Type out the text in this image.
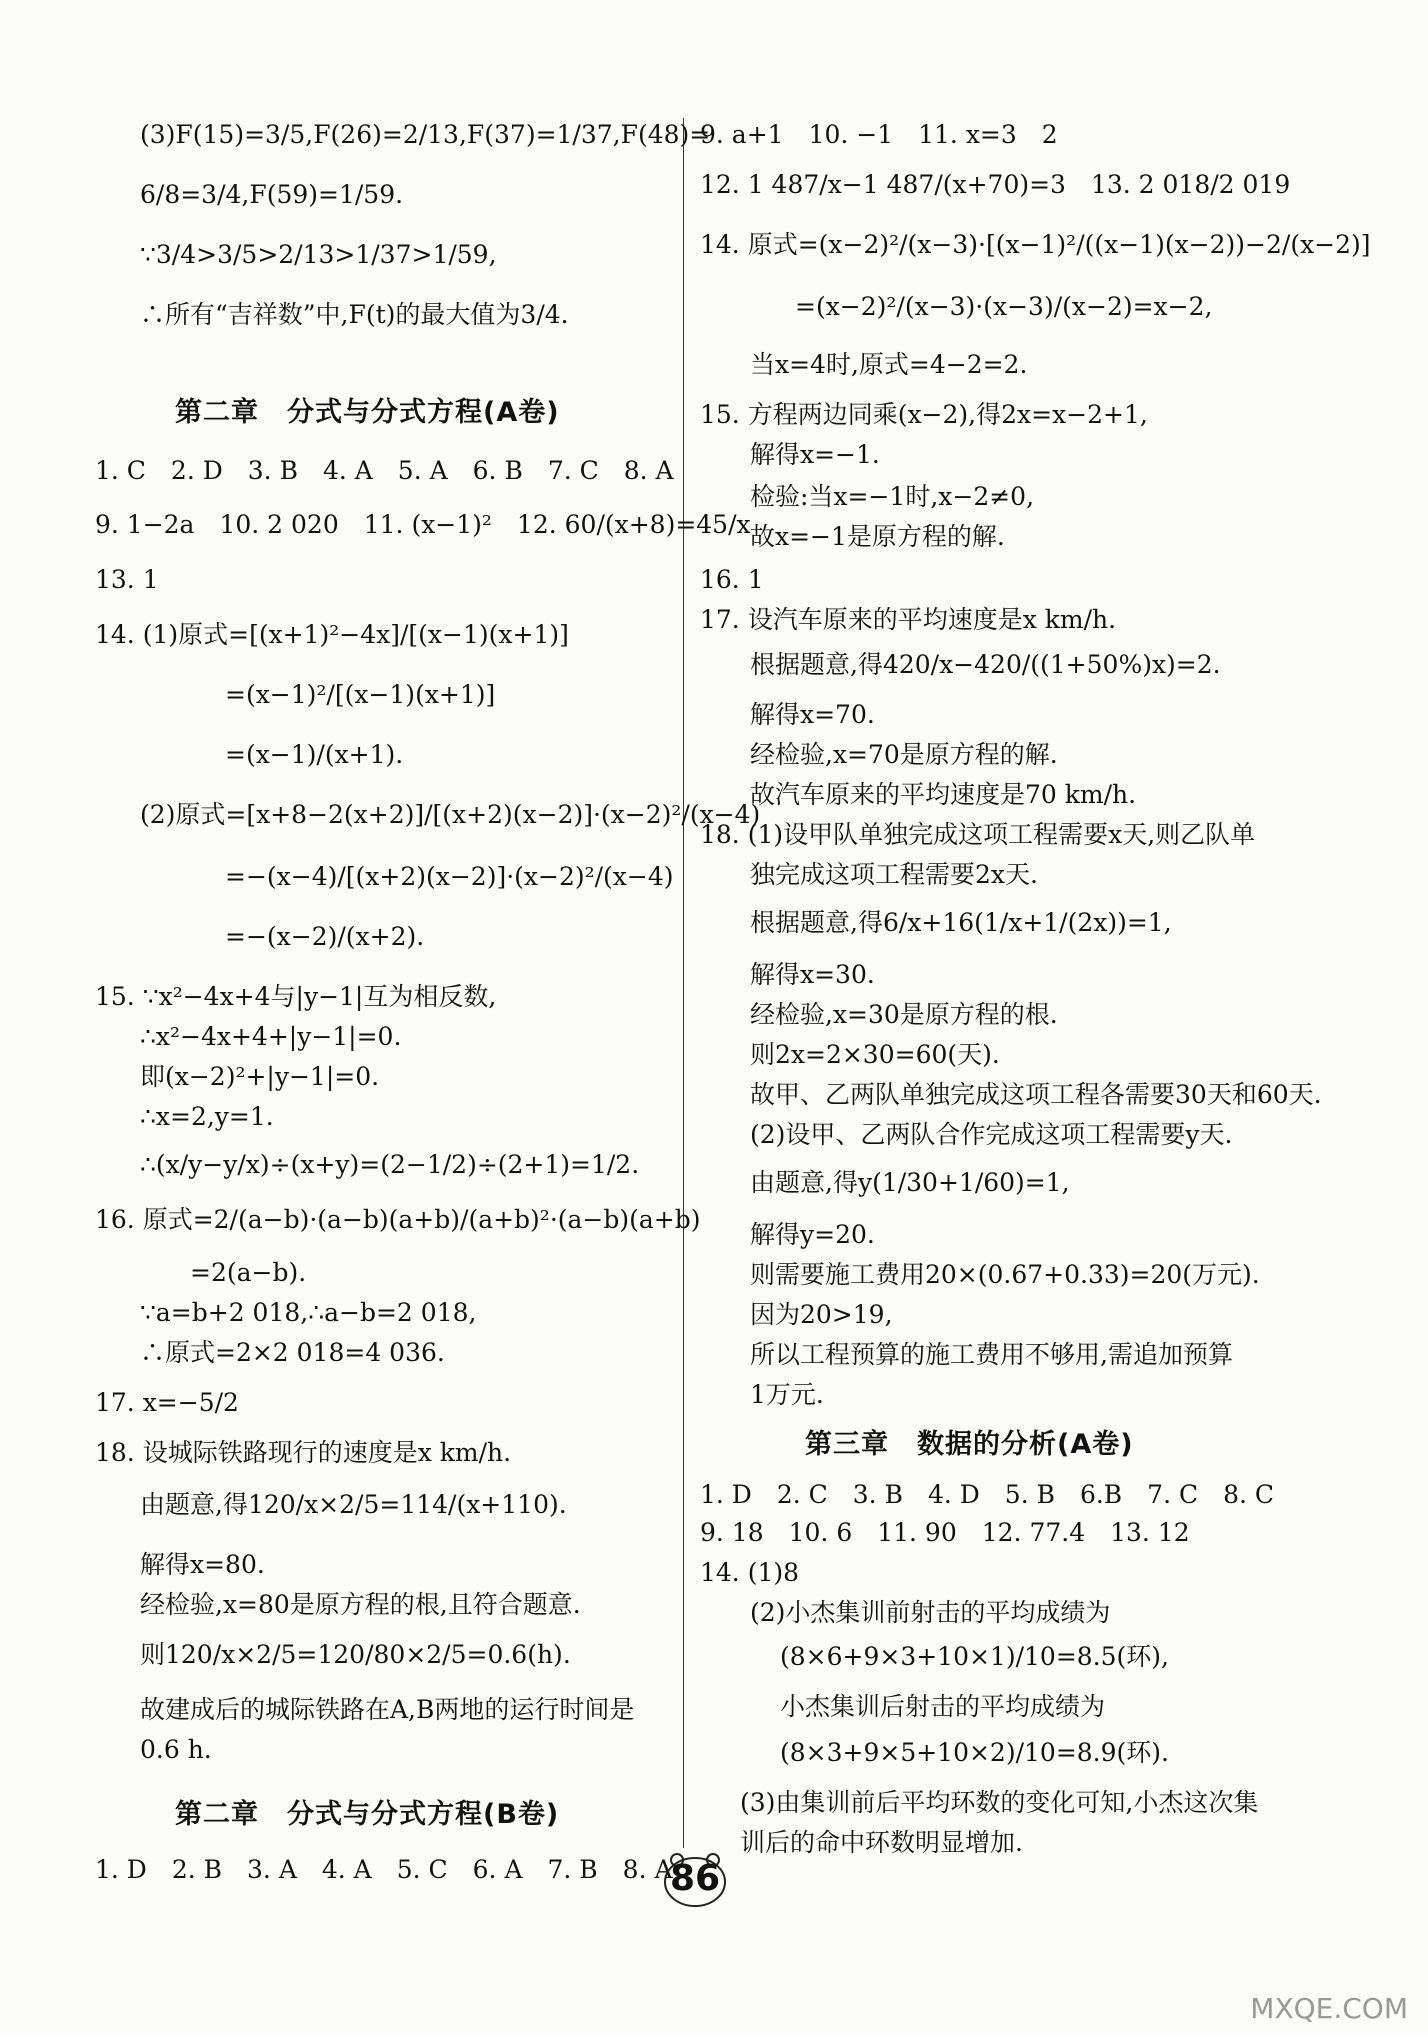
(3)F(15)=3/5,F(26)=2/13,F(37)=1/37,F(48)=
6/8=3/4,F(59)=1/59.
∵3/4>3/5>2/13>1/37>1/59,
∴所有“吉祥数”中,F(t)的最大值为3/4.
第二章　分式与分式方程(A卷)
1. C　2. D　3. B　4. A　5. A　6. B　7. C　8. A
9. 1−2a　10. 2 020　11. (x−1)²　12. 60/(x+8)=45/x
13. 1
14. (1)原式=[(x+1)²−4x]/[(x−1)(x+1)]
=(x−1)²/[(x−1)(x+1)]
=(x−1)/(x+1).
(2)原式=[x+8−2(x+2)]/[(x+2)(x−2)]·(x−2)²/(x−4)
=−(x−4)/[(x+2)(x−2)]·(x−2)²/(x−4)
=−(x−2)/(x+2).
15. ∵x²−4x+4与|y−1|互为相反数,
∴x²−4x+4+|y−1|=0.
即(x−2)²+|y−1|=0.
∴x=2,y=1.
∴(x/y−y/x)÷(x+y)=(2−1/2)÷(2+1)=1/2.
16. 原式=2/(a−b)·(a−b)(a+b)/(a+b)²·(a−b)(a+b)
=2(a−b).
∵a=b+2 018,∴a−b=2 018,
∴原式=2×2 018=4 036.
17. x=−5/2
18. 设城际铁路现行的速度是x km/h.
由题意,得120/x×2/5=114/(x+110).
解得x=80.
经检验,x=80是原方程的根,且符合题意.
则120/x×2/5=120/80×2/5=0.6(h).
故建成后的城际铁路在A,B两地的运行时间是
0.6 h.
第二章　分式与分式方程(B卷)
1. D　2. B　3. A　4. A　5. C　6. A　7. B　8. A
9. a+1　10. −1　11. x=3　2
12. 1 487/x−1 487/(x+70)=3　13. 2 018/2 019
14. 原式=(x−2)²/(x−3)·[(x−1)²/((x−1)(x−2))−2/(x−2)]
=(x−2)²/(x−3)·(x−3)/(x−2)=x−2,
当x=4时,原式=4−2=2.
15. 方程两边同乘(x−2),得2x=x−2+1,
解得x=−1.
检验:当x=−1时,x−2≠0,
故x=−1是原方程的解.
16. 1
17. 设汽车原来的平均速度是x km/h.
根据题意,得420/x−420/((1+50%)x)=2.
解得x=70.
经检验,x=70是原方程的解.
故汽车原来的平均速度是70 km/h.
18. (1)设甲队单独完成这项工程需要x天,则乙队单
独完成这项工程需要2x天.
根据题意,得6/x+16(1/x+1/(2x))=1,
解得x=30.
经检验,x=30是原方程的根.
则2x=2×30=60(天).
故甲、乙两队单独完成这项工程各需要30天和60天.
(2)设甲、乙两队合作完成这项工程需要y天.
由题意,得y(1/30+1/60)=1,
解得y=20.
则需要施工费用20×(0.67+0.33)=20(万元).
因为20>19,
所以工程预算的施工费用不够用,需追加预算
1万元.
第三章　数据的分析(A卷)
1. D　2. C　3. B　4. D　5. B　6.B　7. C　8. C
9. 18　10. 6　11. 90　12. 77.4　13. 12
14. (1)8
(2)小杰集训前射击的平均成绩为
(8×6+9×3+10×1)/10=8.5(环),
小杰集训后射击的平均成绩为
(8×3+9×5+10×2)/10=8.9(环).
(3)由集训前后平均环数的变化可知,小杰这次集
训后的命中环数明显增加.
86
MXQE.COM
